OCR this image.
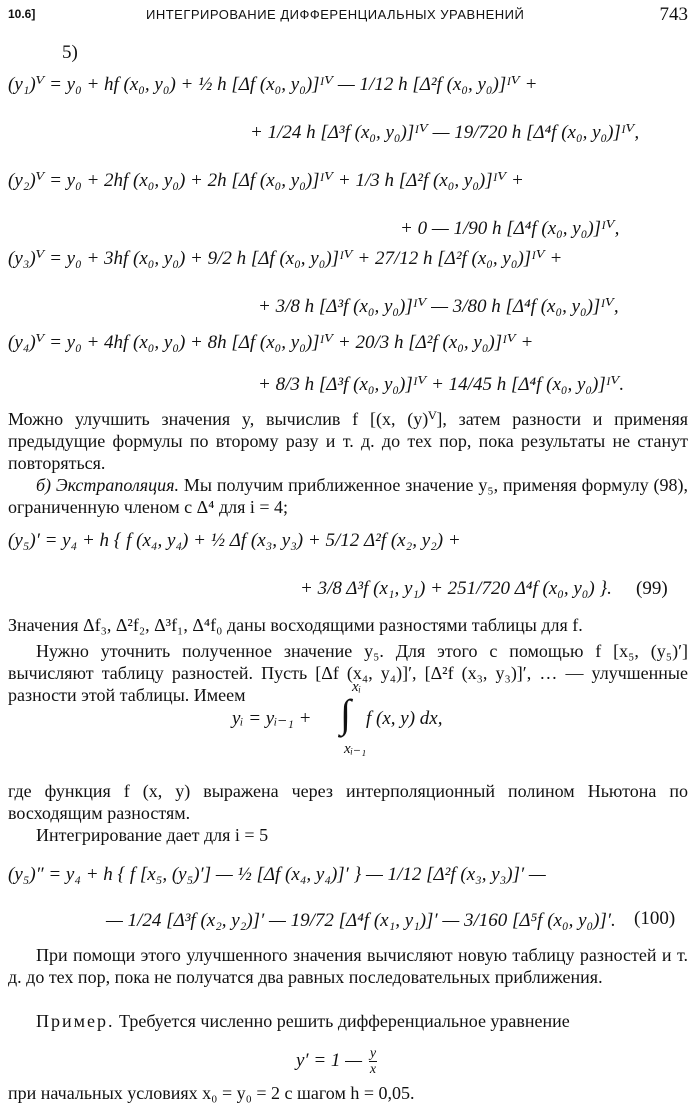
10.6]	ИНТЕГРИРОВАНИЕ ДИФФЕРЕНЦИАЛЬНЫХ УРАВНЕНИЙ	743
5)
(y₁)ⱽ = y₀ + hf (x₀, y₀) + ½ h [Δf (x₀, y₀)]ᴵⱽ — 1/12 h [Δ²f (x₀, y₀)]ᴵⱽ +
+ 1/24 h [Δ³f (x₀, y₀)]ᴵⱽ — 19/720 h [Δ⁴f (x₀, y₀)]ᴵⱽ,
(y₂)ⱽ = y₀ + 2hf (x₀, y₀) + 2h [Δf (x₀, y₀)]ᴵⱽ + 1/3 h [Δ²f (x₀, y₀)]ᴵⱽ +
+ 0 — 1/90 h [Δ⁴f (x₀, y₀)]ᴵⱽ,
(y₃)ⱽ = y₀ + 3hf (x₀, y₀) + 9/2 h [Δf (x₀, y₀)]ᴵⱽ + 27/12 h [Δ²f (x₀, y₀)]ᴵⱽ +
+ 3/8 h [Δ³f (x₀, y₀)]ᴵⱽ — 3/80 h [Δ⁴f (x₀, y₀)]ᴵⱽ,
(y₄)ⱽ = y₀ + 4hf (x₀, y₀) + 8h [Δf (x₀, y₀)]ᴵⱽ + 20/3 h [Δ²f (x₀, y₀)]ᴵⱽ +
+ 8/3 h [Δ³f (x₀, y₀)]ᴵⱽ + 14/45 h [Δ⁴f (x₀, y₀)]ᴵⱽ.
Можно улучшить значения y, вычислив f [(x, (y)ⱽ], затем разности и применяя предыдущие формулы по второму разу и т. д. до тех пор, пока результаты не станут повторяться.
б) Экстраполяция. Мы получим приближенное значение y₅, применяя формулу (98), ограниченную членом с Δ⁴ для i = 4;
(y₅)′ = y₄ + h { f (x₄, y₄) + ½ Δf (x₃, y₃) + 5/12 Δ²f (x₂, y₂) +
+ 3/8 Δ³f (x₁, y₁) + 251/720 Δ⁴f (x₀, y₀) }. (99)
Значения Δf₃, Δ²f₂, Δ³f₁, Δ⁴f₀ даны восходящими разностями таблицы для f.
Нужно уточнить полученное значение y₅. Для этого с помощью f [x₅, (y₅)′] вычисляют таблицу разностей. Пусть [Δf (x₄, y₄)]′, [Δ²f (x₃, y₃)]′, … — улучшенные разности этой таблицы. Имеем
yᵢ = yᵢ₋₁ +
xᵢ
∫
xᵢ₋₁
f (x, y) dx,
где функция f (x, y) выражена через интерполяционный полином Ньютона по восходящим разностям.
Интегрирование дает для i = 5
(y₅)″ = y₄ + h { f [x₅, (y₅)′] — ½ [Δf (x₄, y₄)]′ } — 1/12 [Δ²f (x₃, y₃)]′ —
— 1/24 [Δ³f (x₂, y₂)]′ — 19/72 [Δ⁴f (x₁, y₁)]′ — 3/160 [Δ⁵f (x₀, y₀)]′. (100)
При помощи этого улучшенного значения вычисляют новую таблицу разностей и т. д. до тех пор, пока не получатся два равных последовательных приближения.
Пример. Требуется численно решить дифференциальное уравнение
y′ = 1 — $\frac{y}{x}$
при начальных условиях x₀ = y₀ = 2 с шагом h = 0,05.
